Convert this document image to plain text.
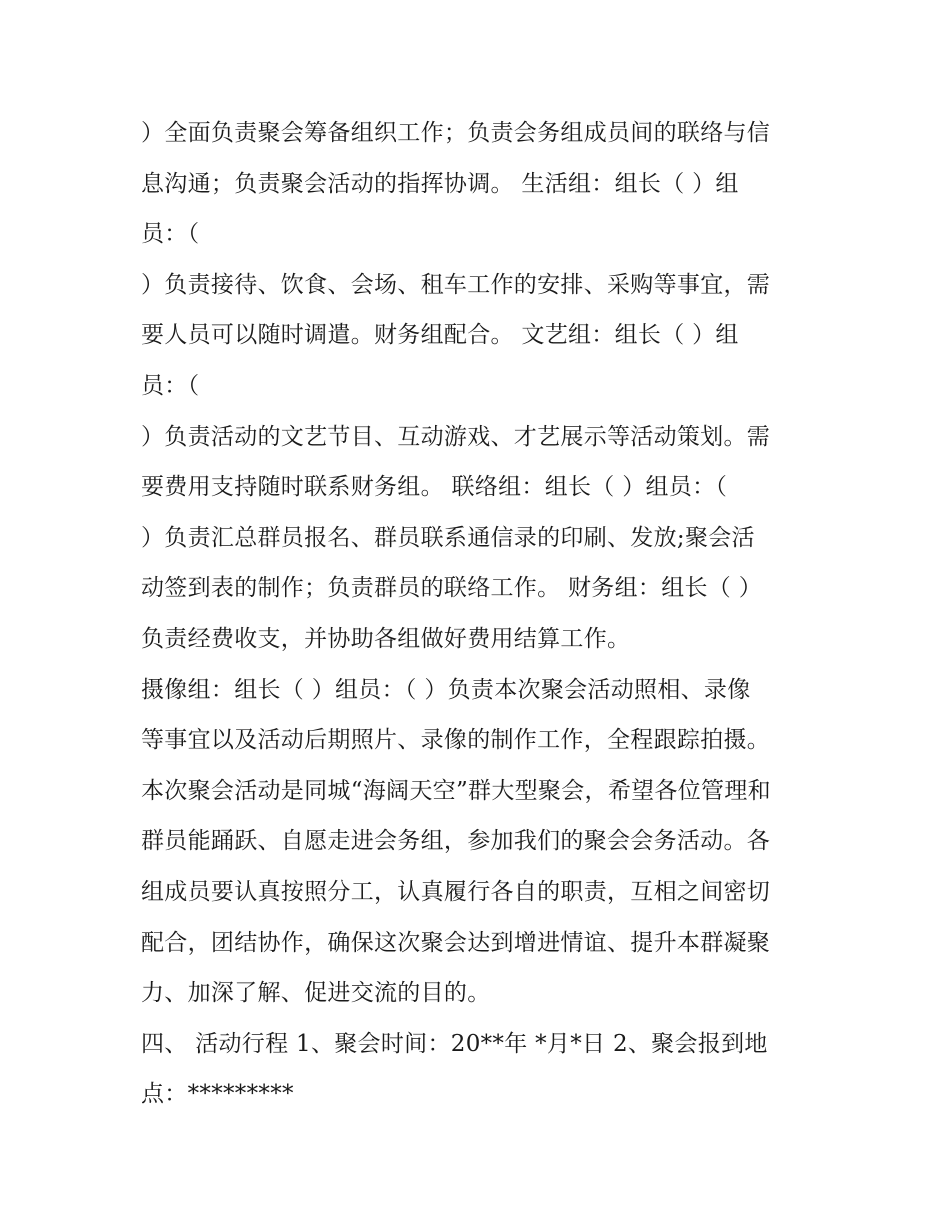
）全面负责聚会筹备组织工作；负责会务组成员间的联络与信
息沟通；负责聚会活动的指挥协调。 生活组：组长（ ）组
员：（
）负责接待、饮食、会场、租车工作的安排、采购等事宜，需
要人员可以随时调遣。财务组配合。 文艺组：组长（ ）组
员：（
）负责活动的文艺节目、互动游戏、才艺展示等活动策划。需
要费用支持随时联系财务组。 联络组：组长（ ）组员：（
）负责汇总群员报名、群员联系通信录的印刷、发放;聚会活
动签到表的制作；负责群员的联络工作。 财务组：组长（ ）
负责经费收支，并协助各组做好费用结算工作。
摄像组：组长（ ）组员：（ ）负责本次聚会活动照相、录像
等事宜以及活动后期照片、录像的制作工作，全程跟踪拍摄。
本次聚会活动是同城“海阔天空”群大型聚会，希望各位管理和
群员能踊跃、自愿走进会务组，参加我们的聚会会务活动。各
组成员要认真按照分工，认真履行各自的职责，互相之间密切
配合，团结协作，确保这次聚会达到增进情谊、提升本群凝聚
力、加深了解、促进交流的目的。
四、 活动行程 1、聚会时间：20**年 *月*日 2、聚会报到地
点：*********
